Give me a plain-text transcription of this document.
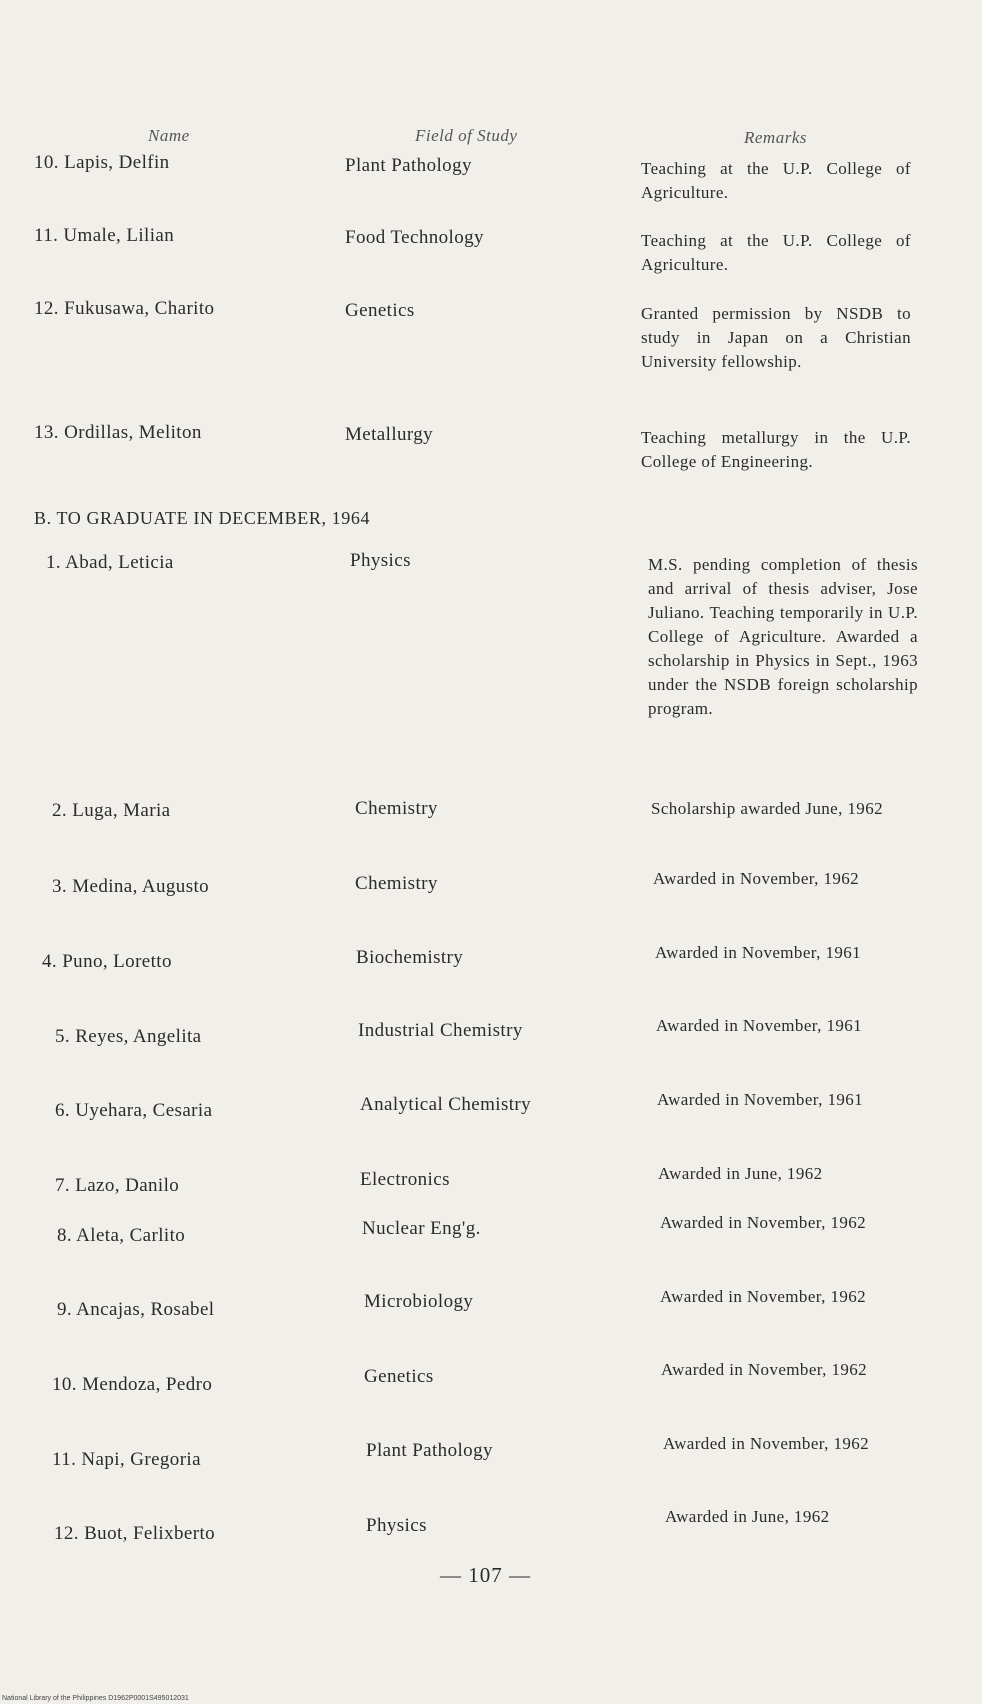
Name	Field of Study	Remarks
10. Lapis, Delfin	Plant Pathology	Teaching at the U.P. College of Agriculture.
11. Umale, Lilian	Food Technology	Teaching at the U.P. College of Agriculture.
12. Fukusawa, Charito	Genetics	Granted permission by NSDB to study in Japan on a Christian University fellowship.
13. Ordillas, Meliton	Metallurgy	Teaching metallurgy in the U.P. College of Engineering.
B. TO GRADUATE IN DECEMBER, 1964
1. Abad, Leticia	Physics	M.S. pending completion of thesis and arrival of thesis adviser, Jose Juliano. Teaching temporarily in U.P. College of Agriculture. Awarded a scholarship in Physics in Sept., 1963 under the NSDB foreign scholarship program.
2. Luga, Maria	Chemistry	Scholarship awarded June, 1962
3. Medina, Augusto	Chemistry	Awarded in November, 1962
4. Puno, Loretto	Biochemistry	Awarded in November, 1961
5. Reyes, Angelita	Industrial Chemistry	Awarded in November, 1961
6. Uyehara, Cesaria	Analytical Chemistry	Awarded in November, 1961
7. Lazo, Danilo	Electronics	Awarded in June, 1962
8. Aleta, Carlito	Nuclear Eng'g.	Awarded in November, 1962
9. Ancajas, Rosabel	Microbiology	Awarded in November, 1962
10. Mendoza, Pedro	Genetics	Awarded in November, 1962
11. Napi, Gregoria	Plant Pathology	Awarded in November, 1962
12. Buot, Felixberto	Physics	Awarded in June, 1962
— 107 —
National Library of the Philippines D1962P0001S495012031
